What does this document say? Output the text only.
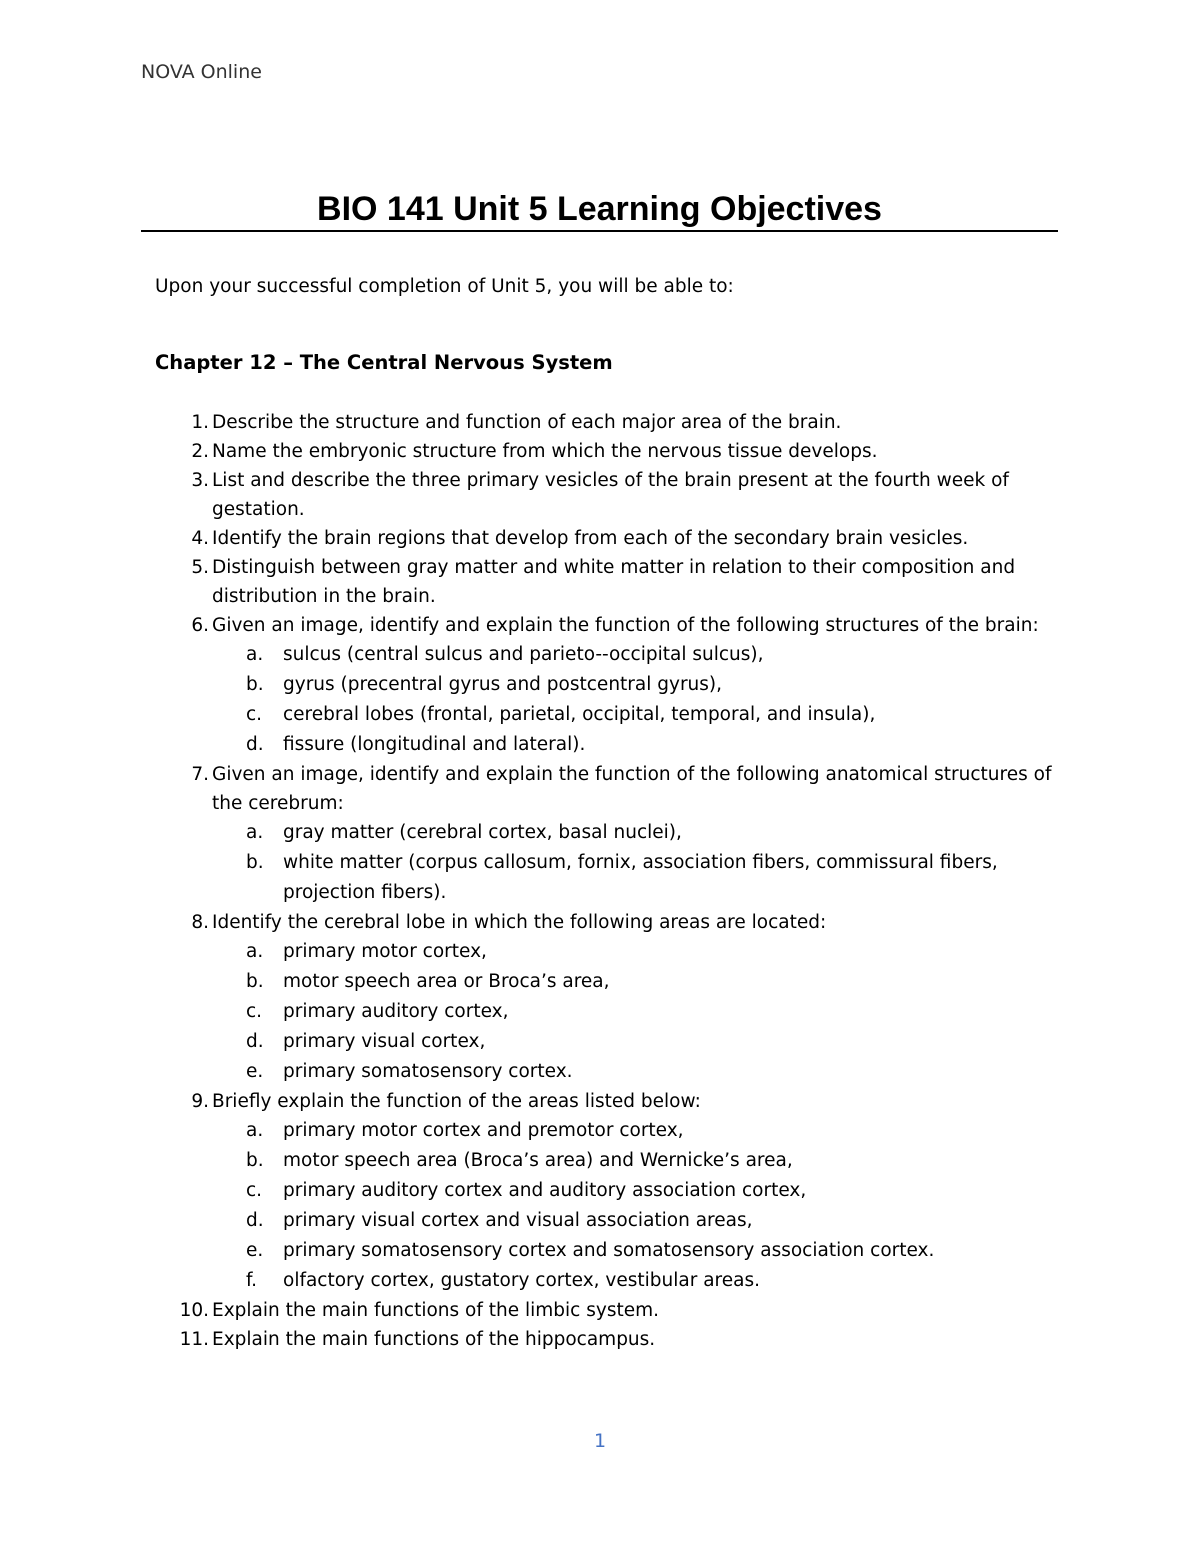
NOVA Online
BIO 141 Unit 5 Learning Objectives
Upon your successful completion of Unit 5, you will be able to:
Chapter 12 – The Central Nervous System
1. Describe the structure and function of each major area of the brain.
2. Name the embryonic structure from which the nervous tissue develops.
3. List and describe the three primary vesicles of the brain present at the fourth week of gestation.
4. Identify the brain regions that develop from each of the secondary brain vesicles.
5. Distinguish between gray matter and white matter in relation to their composition and distribution in the brain.
6. Given an image, identify and explain the function of the following structures of the brain:
a.	sulcus (central sulcus and parieto--occipital sulcus),
b.	gyrus (precentral gyrus and postcentral gyrus),
c.	cerebral lobes (frontal, parietal, occipital, temporal, and insula),
d.	fissure (longitudinal and lateral).
7. Given an image, identify and explain the function of the following anatomical structures of the cerebrum:
a.	gray matter (cerebral cortex, basal nuclei),
b.	white matter (corpus callosum, fornix, association fibers, commissural fibers, projection fibers).
8. Identify the cerebral lobe in which the following areas are located:
a.	primary motor cortex,
b.	motor speech area or Broca’s area,
c.	primary auditory cortex,
d.	primary visual cortex,
e.	primary somatosensory cortex.
9. Briefly explain the function of the areas listed below:
a.	primary motor cortex and premotor cortex,
b.	motor speech area (Broca’s area) and Wernicke’s area,
c.	primary auditory cortex and auditory association cortex,
d.	primary visual cortex and visual association areas,
e.	primary somatosensory cortex and somatosensory association cortex.
f.	olfactory cortex, gustatory cortex, vestibular areas.
10. Explain the main functions of the limbic system.
11. Explain the main functions of the hippocampus.
1
